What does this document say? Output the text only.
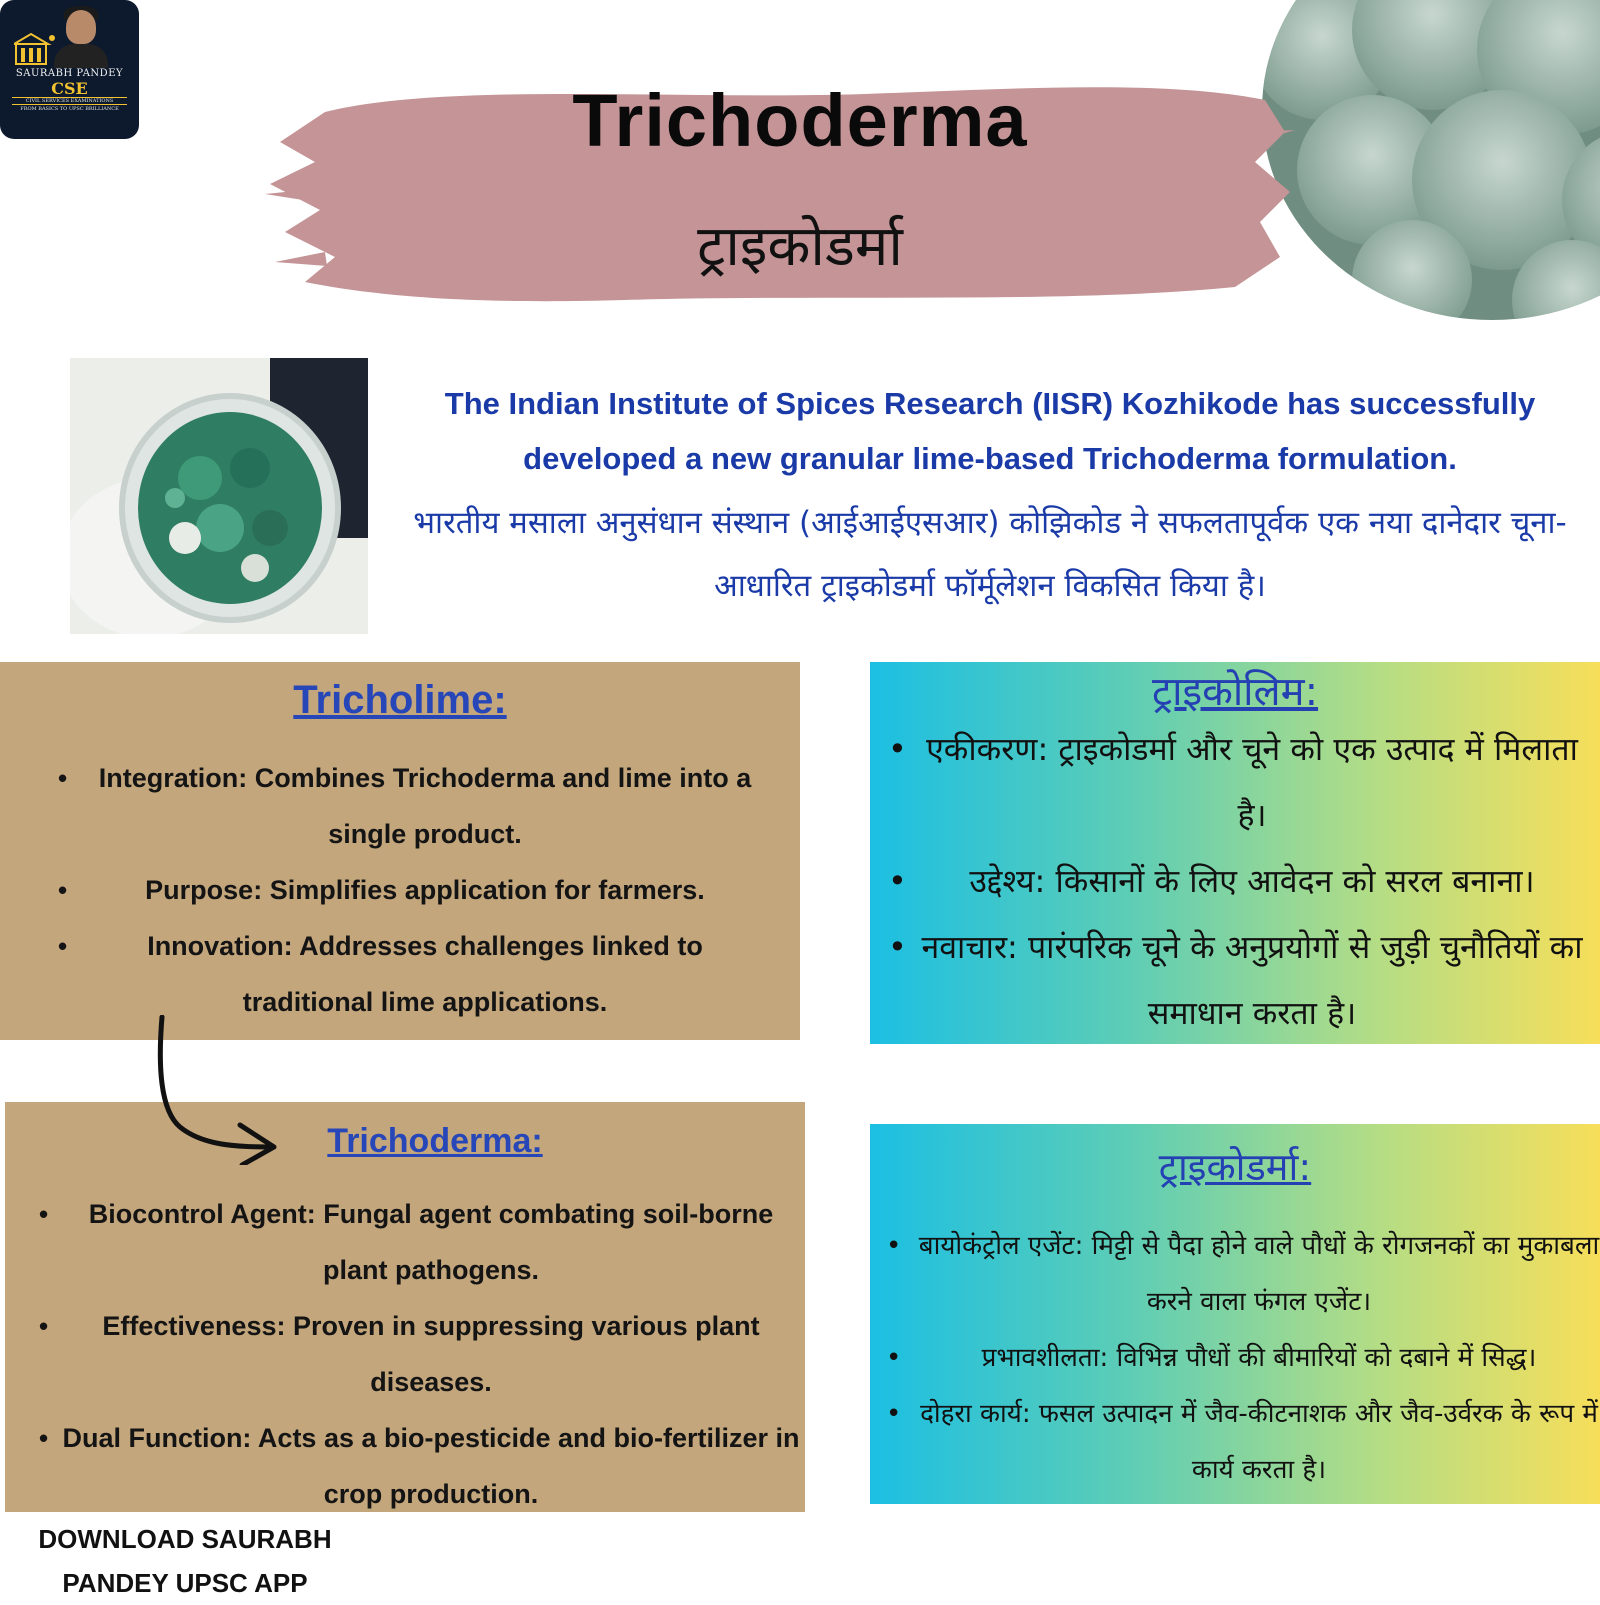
SAURABH PANDEY
CSE
CIVIL SERVICES EXAMINATIONS
FROM BASICS TO UPSC BRILLIANCE	Trichoderma
ट्राइकोडर्मा
The Indian Institute of Spices Research (IISR) Kozhikode has successfully developed a new granular lime-based Trichoderma formulation.
भारतीय मसाला अनुसंधान संस्थान (आईआईएसआर) कोझिकोड ने सफलतापूर्वक एक नया दानेदार चूना-आधारित ट्राइकोडर्मा फॉर्मूलेशन विकसित किया है।
Tricholime:
• Integration: Combines Trichoderma and lime into a single product.
• Purpose: Simplifies application for farmers.
• Innovation: Addresses challenges linked to traditional lime applications.
ट्राइकोलिम:
• एकीकरण: ट्राइकोडर्मा और चूने को एक उत्पाद में मिलाता है।
• उद्देश्य: किसानों के लिए आवेदन को सरल बनाना।
• नवाचार: पारंपरिक चूने के अनुप्रयोगों से जुड़ी चुनौतियों का समाधान करता है।
Trichoderma:
• Biocontrol Agent: Fungal agent combating soil-borne plant pathogens.
• Effectiveness: Proven in suppressing various plant diseases.
• Dual Function: Acts as a bio-pesticide and bio-fertilizer in crop production.
ट्राइकोडर्मा:
• बायोकंट्रोल एजेंट: मिट्टी से पैदा होने वाले पौधों के रोगजनकों का मुकाबला करने वाला फंगल एजेंट।
• प्रभावशीलता: विभिन्न पौधों की बीमारियों को दबाने में सिद्ध।
• दोहरा कार्य: फसल उत्पादन में जैव-कीटनाशक और जैव-उर्वरक के रूप में कार्य करता है।
DOWNLOAD SAURABH
PANDEY UPSC APP
